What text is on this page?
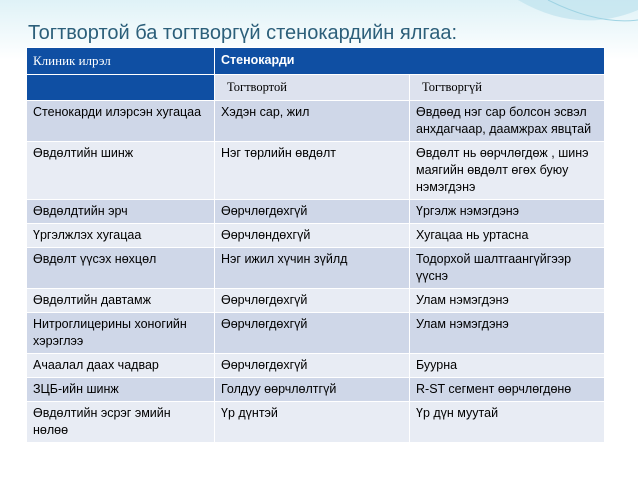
Тогтвортой ба тогтворгүй стенокардийн ялгаа:
Клиник илрэл	Стенокарди	
	Тогтвортой	Тогтворгүй
Стенокарди илэрсэн хугацаа	Хэдэн сар, жил	Өвдөөд нэг сар болсон эсвэл анхдагчаар, даамжрах явцтай
Өвдөлтийн шинж	Нэг төрлийн өвдөлт	Өвдөлт нь өөрчлөгдөж , шинэ маягийн өвдөлт өгөх буюу нэмэгдэнэ
Өвдөлдтийн эрч	Өөрчлөгдөхгүй	Үргэлж нэмэгдэнэ
Үргэлжлэх хугацаа	Өөрчлөндөхгүй	Хугацаа нь уртасна
Өвдөлт үүсэх нөхцөл	Нэг ижил хүчин зүйлд	Тодорхой шалтгаангүйгээр үүснэ
Өвдөлтийн давтамж	Өөрчлөгдөхгүй	Улам нэмэгдэнэ
Нитроглицерины хоногийн хэрэглээ	Өөрчлөгдөхгүй	Улам нэмэгдэнэ
Ачаалал даах чадвар	Өөрчлөгдөхгүй	Буурна
ЗЦБ-ийн шинж	Голдуу өөрчлөлтгүй	R-ST сегмент өөрчлөгдөнө
Өвдөлтийн эсрэг эмийн нөлөө	Үр дүнтэй	Үр дүн муутай
